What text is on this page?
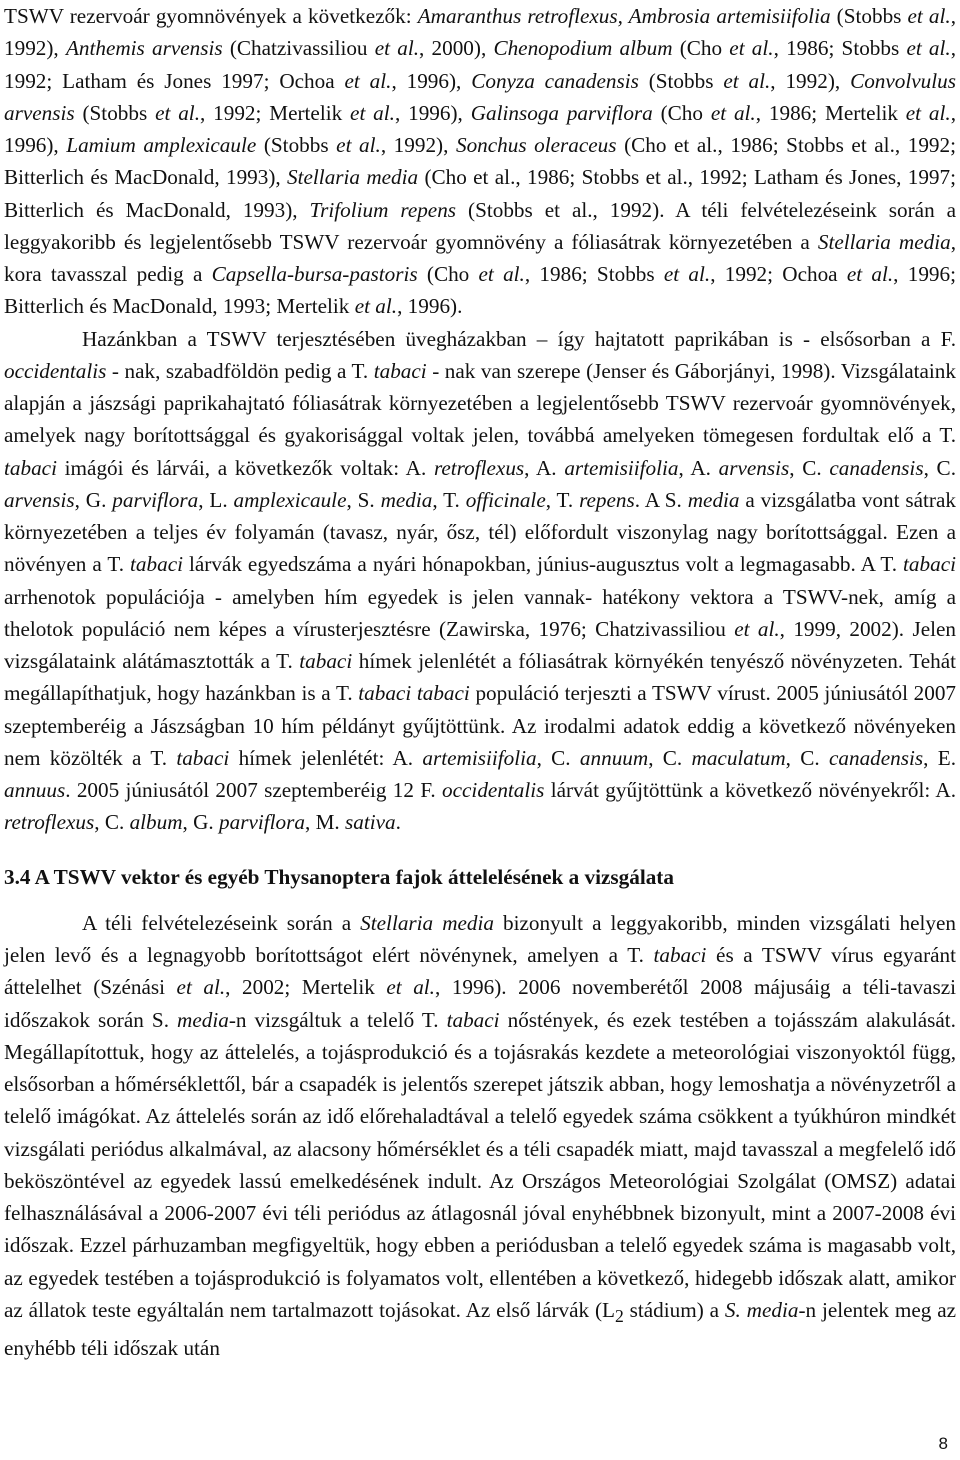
TSWV rezervoár gyomnövények a következők: Amaranthus retroflexus, Ambrosia artemisiifolia (Stobbs et al., 1992), Anthemis arvensis (Chatzivassiliou et al., 2000), Chenopodium album (Cho et al., 1986; Stobbs et al., 1992; Latham és Jones 1997; Ochoa et al., 1996), Conyza canadensis (Stobbs et al., 1992), Convolvulus arvensis (Stobbs et al., 1992; Mertelik et al., 1996), Galinsoga parviflora (Cho et al., 1986; Mertelik et al., 1996), Lamium amplexicaule (Stobbs et al., 1992), Sonchus oleraceus (Cho et al., 1986; Stobbs et al., 1992; Bitterlich és MacDonald, 1993), Stellaria media (Cho et al., 1986; Stobbs et al., 1992; Latham és Jones, 1997; Bitterlich és MacDonald, 1993), Trifolium repens (Stobbs et al., 1992). A téli felvételezéseink során a leggyakoribb és legjelentősebb TSWV rezervoár gyomnövény a fóliasátrak környezetében a Stellaria media, kora tavasszal pedig a Capsella-bursa-pastoris (Cho et al., 1986; Stobbs et al., 1992; Ochoa et al., 1996; Bitterlich és MacDonald, 1993; Mertelik et al., 1996).

Hazánkban a TSWV terjesztésében üvegházakban – így hajtatott paprikában is - elsősorban a F. occidentalis - nak, szabadföldön pedig a T. tabaci - nak van szerepe (Jenser és Gáborjányi, 1998). Vizsgálataink alapján a jászsági paprikahajtató fóliasátrak környezetében a legjelentősebb TSWV rezervoár gyomnövények, amelyek nagy borítottsággal és gyakorisággal voltak jelen, továbbá amelyeken tömegesen fordultak elő a T. tabaci imágói és lárvái, a következők voltak: A. retroflexus, A. artemisiifolia, A. arvensis, C. canadensis, C. arvensis, G. parviflora, L. amplexicaule, S. media, T. officinale, T. repens. A S. media a vizsgálatba vont sátrak környezetében a teljes év folyamán (tavasz, nyár, ősz, tél) előfordult viszonylag nagy borítottsággal. Ezen a növényen a T. tabaci lárvák egyedszáma a nyári hónapokban, június-augusztus volt a legmagasabb. A T. tabaci arrhenotok populációja - amelyben hím egyedek is jelen vannak- hatékony vektora a TSWV-nek, amíg a thelotok populáció nem képes a vírusterjesztésre (Zawirska, 1976; Chatzivassiliou et al., 1999, 2002). Jelen vizsgálataink alátámasztották a T. tabaci hímek jelenlétét a fóliasátrak környékén tenyésző növényzeten. Tehát megállapíthatjuk, hogy hazánkban is a T. tabaci tabaci populáció terjeszti a TSWV vírust. 2005 júniusától 2007 szeptemberéig a Jászságban 10 hím példányt gyűjtöttünk. Az irodalmi adatok eddig a következő növényeken nem közölték a T. tabaci hímek jelenlétét: A. artemisiifolia, C. annuum, C. maculatum, C. canadensis, E. annuus. 2005 júniusától 2007 szeptemberéig 12 F. occidentalis lárvát gyűjtöttünk a következő növényekről: A. retroflexus, C. album, G. parviflora, M. sativa.

3.4 A TSWV vektor és egyéb Thysanoptera fajok áttelelésének a vizsgálata

A téli felvételezéseink során a Stellaria media bizonyult a leggyakoribb, minden vizsgálati helyen jelen levő és a legnagyobb borítottságot elért növénynek, amelyen a T. tabaci és a TSWV vírus egyaránt áttelelhet (Szénási et al., 2002; Mertelik et al., 1996). 2006 novemberétől 2008 májusáig a téli-tavaszi időszakok során S. media-n vizsgáltuk a telelő T. tabaci nőstények, és ezek testében a tojásszám alakulását. Megállapítottuk, hogy az áttelelés, a tojásprodukció és a tojásrakás kezdete a meteorológiai viszonyoktól függ, elsősorban a hőmérséklettől, bár a csapadék is jelentős szerepet játszik abban, hogy lemoshatja a növényzetről a telelő imágókat. Az áttelelés során az idő előrehaladtával a telelő egyedek száma csökkent a tyúkhúron mindkét vizsgálati periódus alkalmával, az alacsony hőmérséklet és a téli csapadék miatt, majd tavasszal a megfelelő idő beköszöntével az egyedek lassú emelkedésének indult. Az Országos Meteorológiai Szolgálat (OMSZ) adatai felhasználásával a 2006-2007 évi téli periódus az átlagosnál jóval enyhébbnek bizonyult, mint a 2007-2008 évi időszak. Ezzel párhuzamban megfigyeltük, hogy ebben a periódusban a telelő egyedek száma is magasabb volt, az egyedek testében a tojásprodukció is folyamatos volt, ellentében a következő, hidegebb időszak alatt, amikor az állatok teste egyáltalán nem tartalmazott tojásokat. Az első lárvák ($L_2$ stádium) a S. media-n jelentek meg az enyhébb téli időszak után

8
